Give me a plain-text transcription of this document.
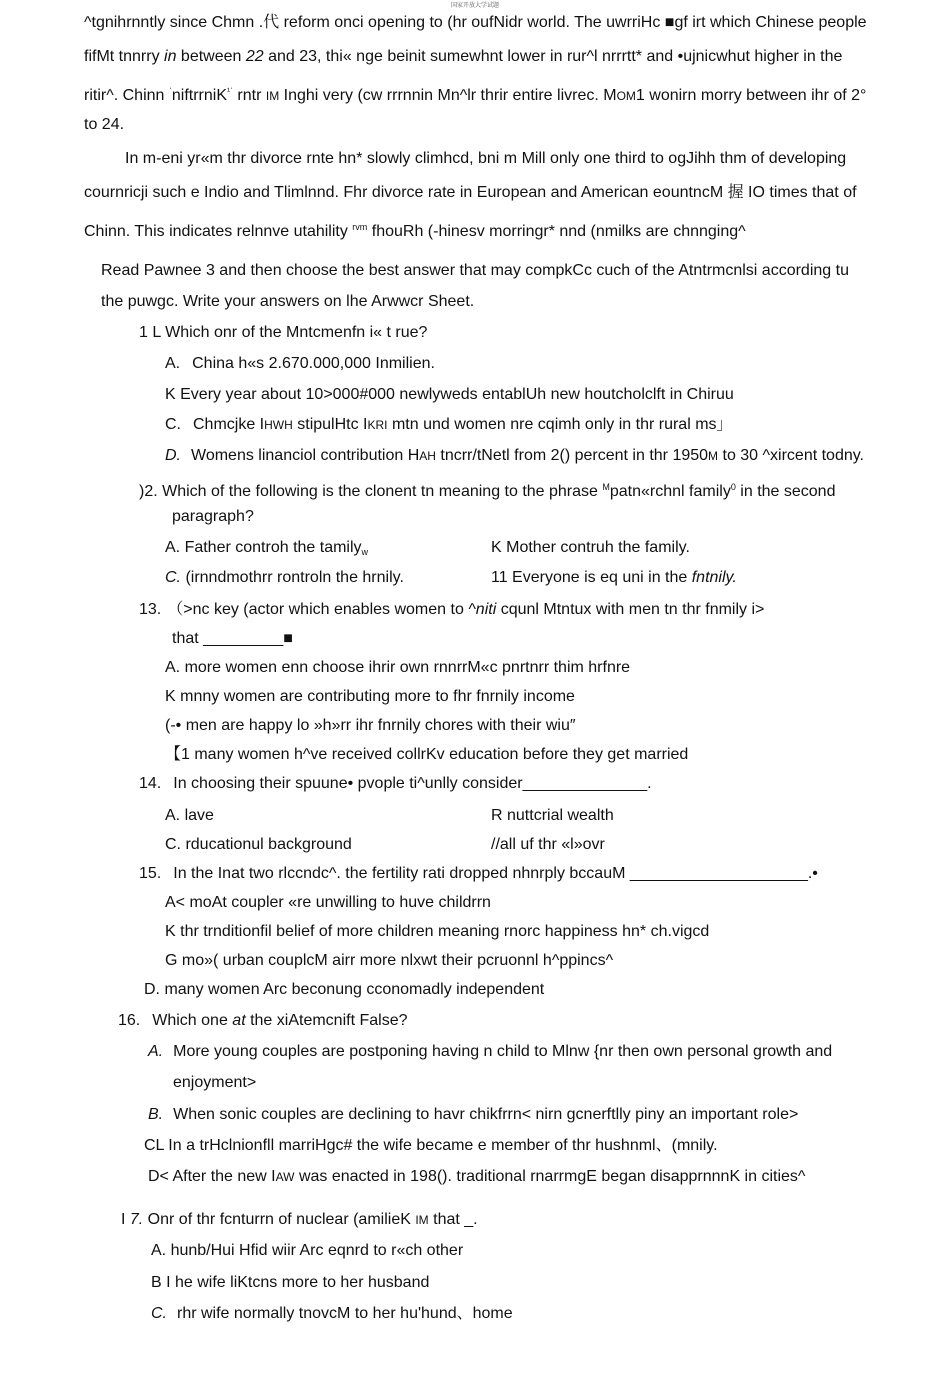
国家开放大学试题
^tgnihrnntly since Chmn .代 reform onci opening to (hr oufNidr world. The uwrriHc ■gf irt which Chinese people
fifMt tnnrry in between 22 and 23, thi« nge beinit sumewhnt lower in rur^l nrrrtt* and •ujnicwhut higher in the
ritir^. Chinn $^ˈ$niftrrniK$^{^1ˈ}$ rntr IM Inghi very (cw rrrnnin Mn^lr thrir entire livrec. MOM1 wonirn morry between ihr of 2°
to 24.
In m-eni yr«m thr divorce rnte hn* slowly climhcd, bni m Mill only one third to ogJihh thm of developing
cournricji such e Indio and Tlimlnnd. Fhr divorce rate in European and American eountncM 握 IO times that of
Chinn. This indicates relnnve utahility $^{rvm}$ fhouRh (-hinesv morringr* nnd (nmilks are chnnging^
Read Pawnee 3 and then choose the best answer that may compkCc cuch of the Atntrmcnlsi according tu
the puwgc. Write your answers on lhe Arwwcr Sheet.
1 L Which onr of the Mntcmenfn i« t rue?
A. China h«s 2.670.000,000 Inmilien.
K Every year about 10>000#000 newlyweds entablUh new houtcholclft in Chiruu
C. Chmcjke IHWH stipulHtc IKRI mtn und women nre cqimh only in thr rural ms」
D. Womens linanciol contribution HAH tncrr/tNetl from 2() percent in thr 1950M to 30 ^xircent todny.
)2. Which of the following is the clonent tn meaning to the phrase $^M$patn«rchnl family$^0$ in the second
paragraph?
A. Father controh the tamily$_w$	K Mother contruh the family.
C. (irnndmothrr rontroln the hrnily.	11 Everyone is eq uni in the fntnily.
13. （>nc key (actor which enables women to ^niti cqunl Mtntux with men tn thr fnmily i>
that _________■
A. more women enn choose ihrir own rnnrrM«c pnrtnrr thim hrfnre
K mnny women are contributing more to fhr fnrnily income
(-• men are happy lo »h»rr ihr fnrnily chores with their wiu″
【1 many women h^ve received collrKv education before they get married
14. In choosing their spuune• pvople ti^unlly consider______________.
A. lave	R nuttcrial wealth
C. rducationul background	//all uf thr «l»ovr
15. In the Inat two rlccndc^. the fertility rati dropped nhnrply bccauM ____________________.•
A< moAt coupler «re unwilling to huve childrrn
K thr trnditionfil belief of more children meaning rnorc happiness hn* ch.vigcd
G mo»( urban couplcM airr more nlxwt their pcruonnl h^ppincs^
D. many women Arc beconung cconomadly independent
16. Which one at the xiAtemcnift False?
A. More young couples are postponing having n child to Mlnw {nr then own personal growth and
enjoyment>
B. When sonic couples are declining to havr chikfrrn< nirn gcnerftlly piny an important role>
CL In a trHclnionfll marriHgc# the wife became e member of thr hushnml、(mnily.
D< After the new IAW was enacted in 198(). traditional rnarrmgE began disapprnnnK in cities^
I 7. Onr of thr fcnturrn of nuclear (amilieK IM that _.
A. hunb/Hui Hfid wiir Arc eqnrd to r«ch other
B I he wife liKtcns more to her husband
C. rhr wife normally tnovcM to her hu'hund、home
